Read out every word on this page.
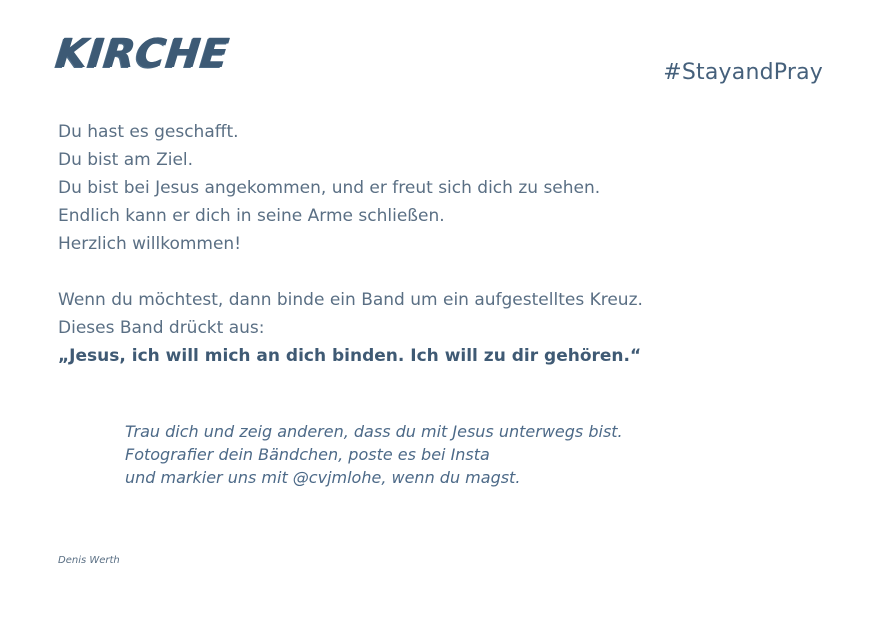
KIRCHE	#StayandPray
Du hast es geschafft.
Du bist am Ziel.
Du bist bei Jesus angekommen, und er freut sich dich zu sehen.
Endlich kann er dich in seine Arme schließen.
Herzlich willkommen!
Wenn du möchtest, dann binde ein Band um ein aufgestelltes Kreuz.
Dieses Band drückt aus:
„Jesus, ich will mich an dich binden. Ich will zu dir gehören.“
Trau dich und zeig anderen, dass du mit Jesus unterwegs bist.
Fotografier dein Bändchen, poste es bei Insta
und markier uns mit @cvjmlohe, wenn du magst.
Denis Werth
